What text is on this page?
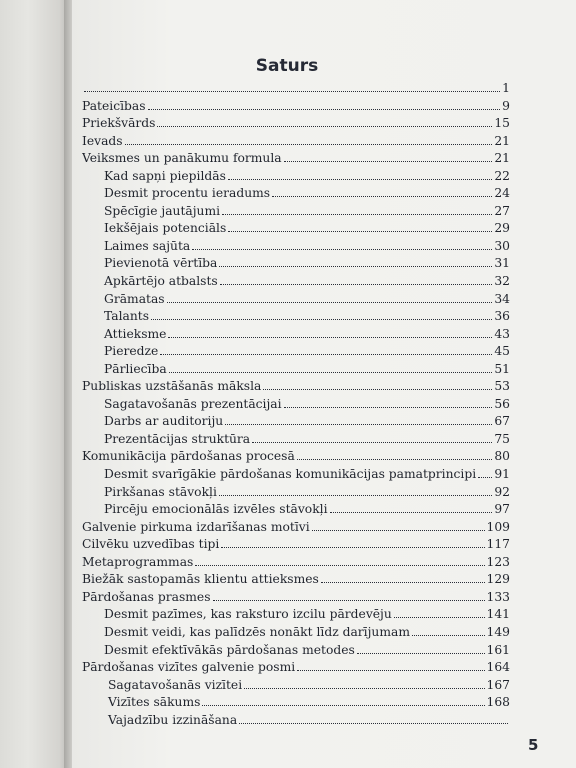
Saturs
1
Pateicības	9
Priekšvārds	15
Ievads	21
Veiksmes un panākumu formula	21
Kad sapņi piepildās	22
Desmit procentu ieradums	24
Spēcīgie jautājumi	27
Iekšējais potenciāls	29
Laimes sajūta	30
Pievienotā vērtība	31
Apkārtējo atbalsts	32
Grāmatas	34
Talants	36
Attieksme	43
Pieredze	45
Pārliecība	51
Publiskas uzstāšanās māksla	53
Sagatavošanās prezentācijai	56
Darbs ar auditoriju	67
Prezentācijas struktūra	75
Komunikācija pārdošanas procesā	80
Desmit svarīgākie pārdošanas komunikācijas pamatprincipi 91
Pirkšanas stāvokļi	92
Pircēju emocionālās izvēles stāvokļi	97
Galvenie pirkuma izdarīšanas motīvi	109
Cilvēku uzvedības tipi	117
Metaprogrammas	123
Biežāk sastopamās klientu attieksmes	129
Pārdošanas prasmes	133
Desmit pazīmes, kas raksturo izcilu pārdevēju	141
Desmit veidi, kas palīdzēs nonākt līdz darījumam	149
Desmit efektīvākās pārdošanas metodes	161
Pārdošanas vizītes galvenie posmi	164
Sagatavošanās vizītei	167
Vizītes sākums	168
Vajadzību izzināšana
5
